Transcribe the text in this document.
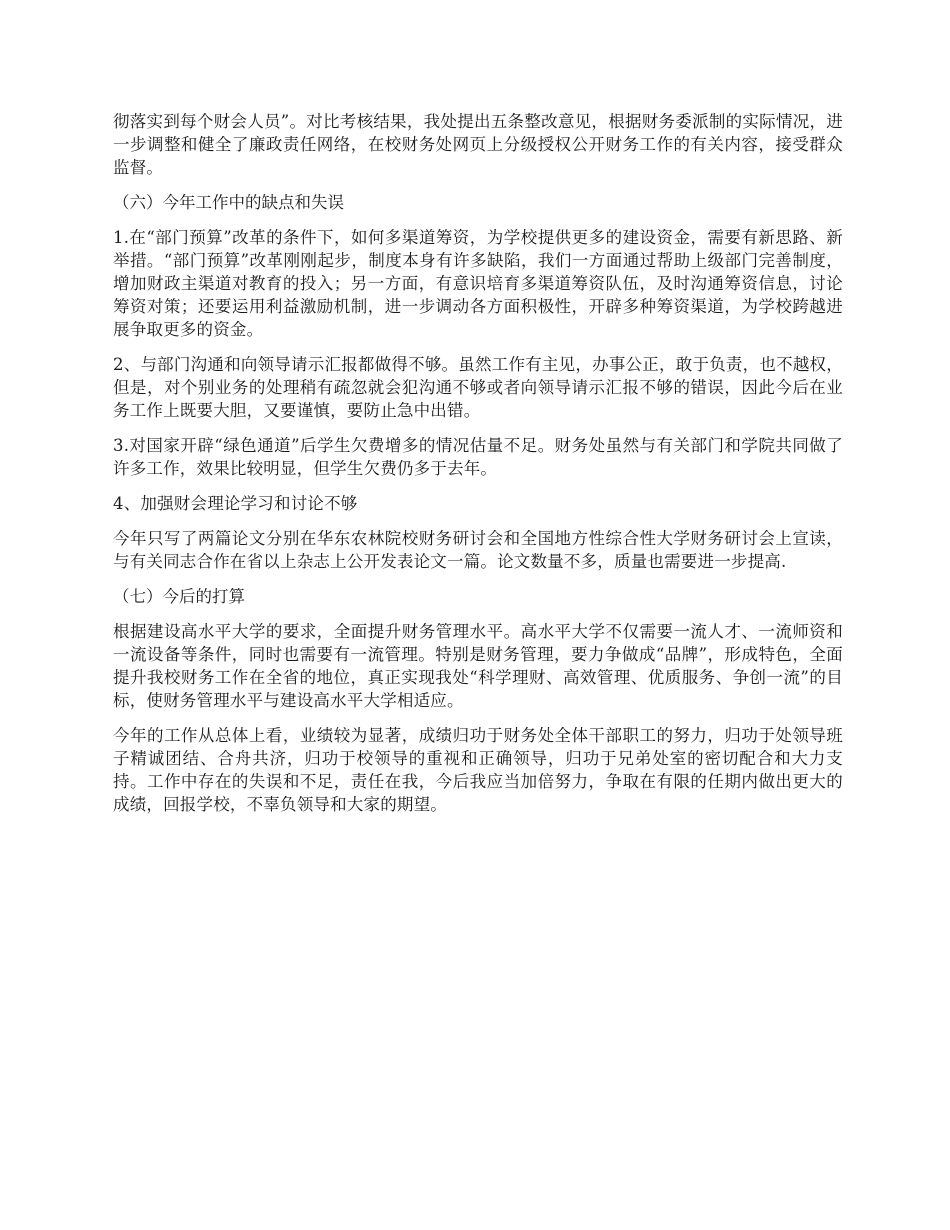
彻落实到每个财会人员”。对比考核结果，我处提出五条整改意见，根据财务委派制的实际情况，进一步调整和健全了廉政责任网络，在校财务处网页上分级授权公开财务工作的有关内容，接受群众监督。

（六）今年工作中的缺点和失误

1.在“部门预算”改革的条件下，如何多渠道筹资，为学校提供更多的建设资金，需要有新思路、新举措。“部门预算”改革刚刚起步，制度本身有许多缺陷，我们一方面通过帮助上级部门完善制度，增加财政主渠道对教育的投入；另一方面，有意识培育多渠道筹资队伍，及时沟通筹资信息，讨论筹资对策；还要运用利益激励机制，进一步调动各方面积极性，开辟多种筹资渠道，为学校跨越进展争取更多的资金。

2、与部门沟通和向领导请示汇报都做得不够。虽然工作有主见，办事公正，敢于负责，也不越权，但是，对个别业务的处理稍有疏忽就会犯沟通不够或者向领导请示汇报不够的错误，因此今后在业务工作上既要大胆，又要谨慎，要防止急中出错。

3.对国家开辟“绿色通道”后学生欠费增多的情况估量不足。财务处虽然与有关部门和学院共同做了许多工作，效果比较明显，但学生欠费仍多于去年。

4、加强财会理论学习和讨论不够

今年只写了两篇论文分别在华东农林院校财务研讨会和全国地方性综合性大学财务研讨会上宣读，与有关同志合作在省以上杂志上公开发表论文一篇。论文数量不多，质量也需要进一步提高.

（七）今后的打算

根据建设高水平大学的要求，全面提升财务管理水平。高水平大学不仅需要一流人才、一流师资和一流设备等条件，同时也需要有一流管理。特别是财务管理，要力争做成“品牌”，形成特色，全面提升我校财务工作在全省的地位，真正实现我处“科学理财、高效管理、优质服务、争创一流”的目标，使财务管理水平与建设高水平大学相适应。

今年的工作从总体上看，业绩较为显著，成绩归功于财务处全体干部职工的努力，归功于处领导班子精诚团结、合舟共济，归功于校领导的重视和正确领导，归功于兄弟处室的密切配合和大力支持。工作中存在的失误和不足，责任在我，今后我应当加倍努力，争取在有限的任期内做出更大的成绩，回报学校，不辜负领导和大家的期望。
